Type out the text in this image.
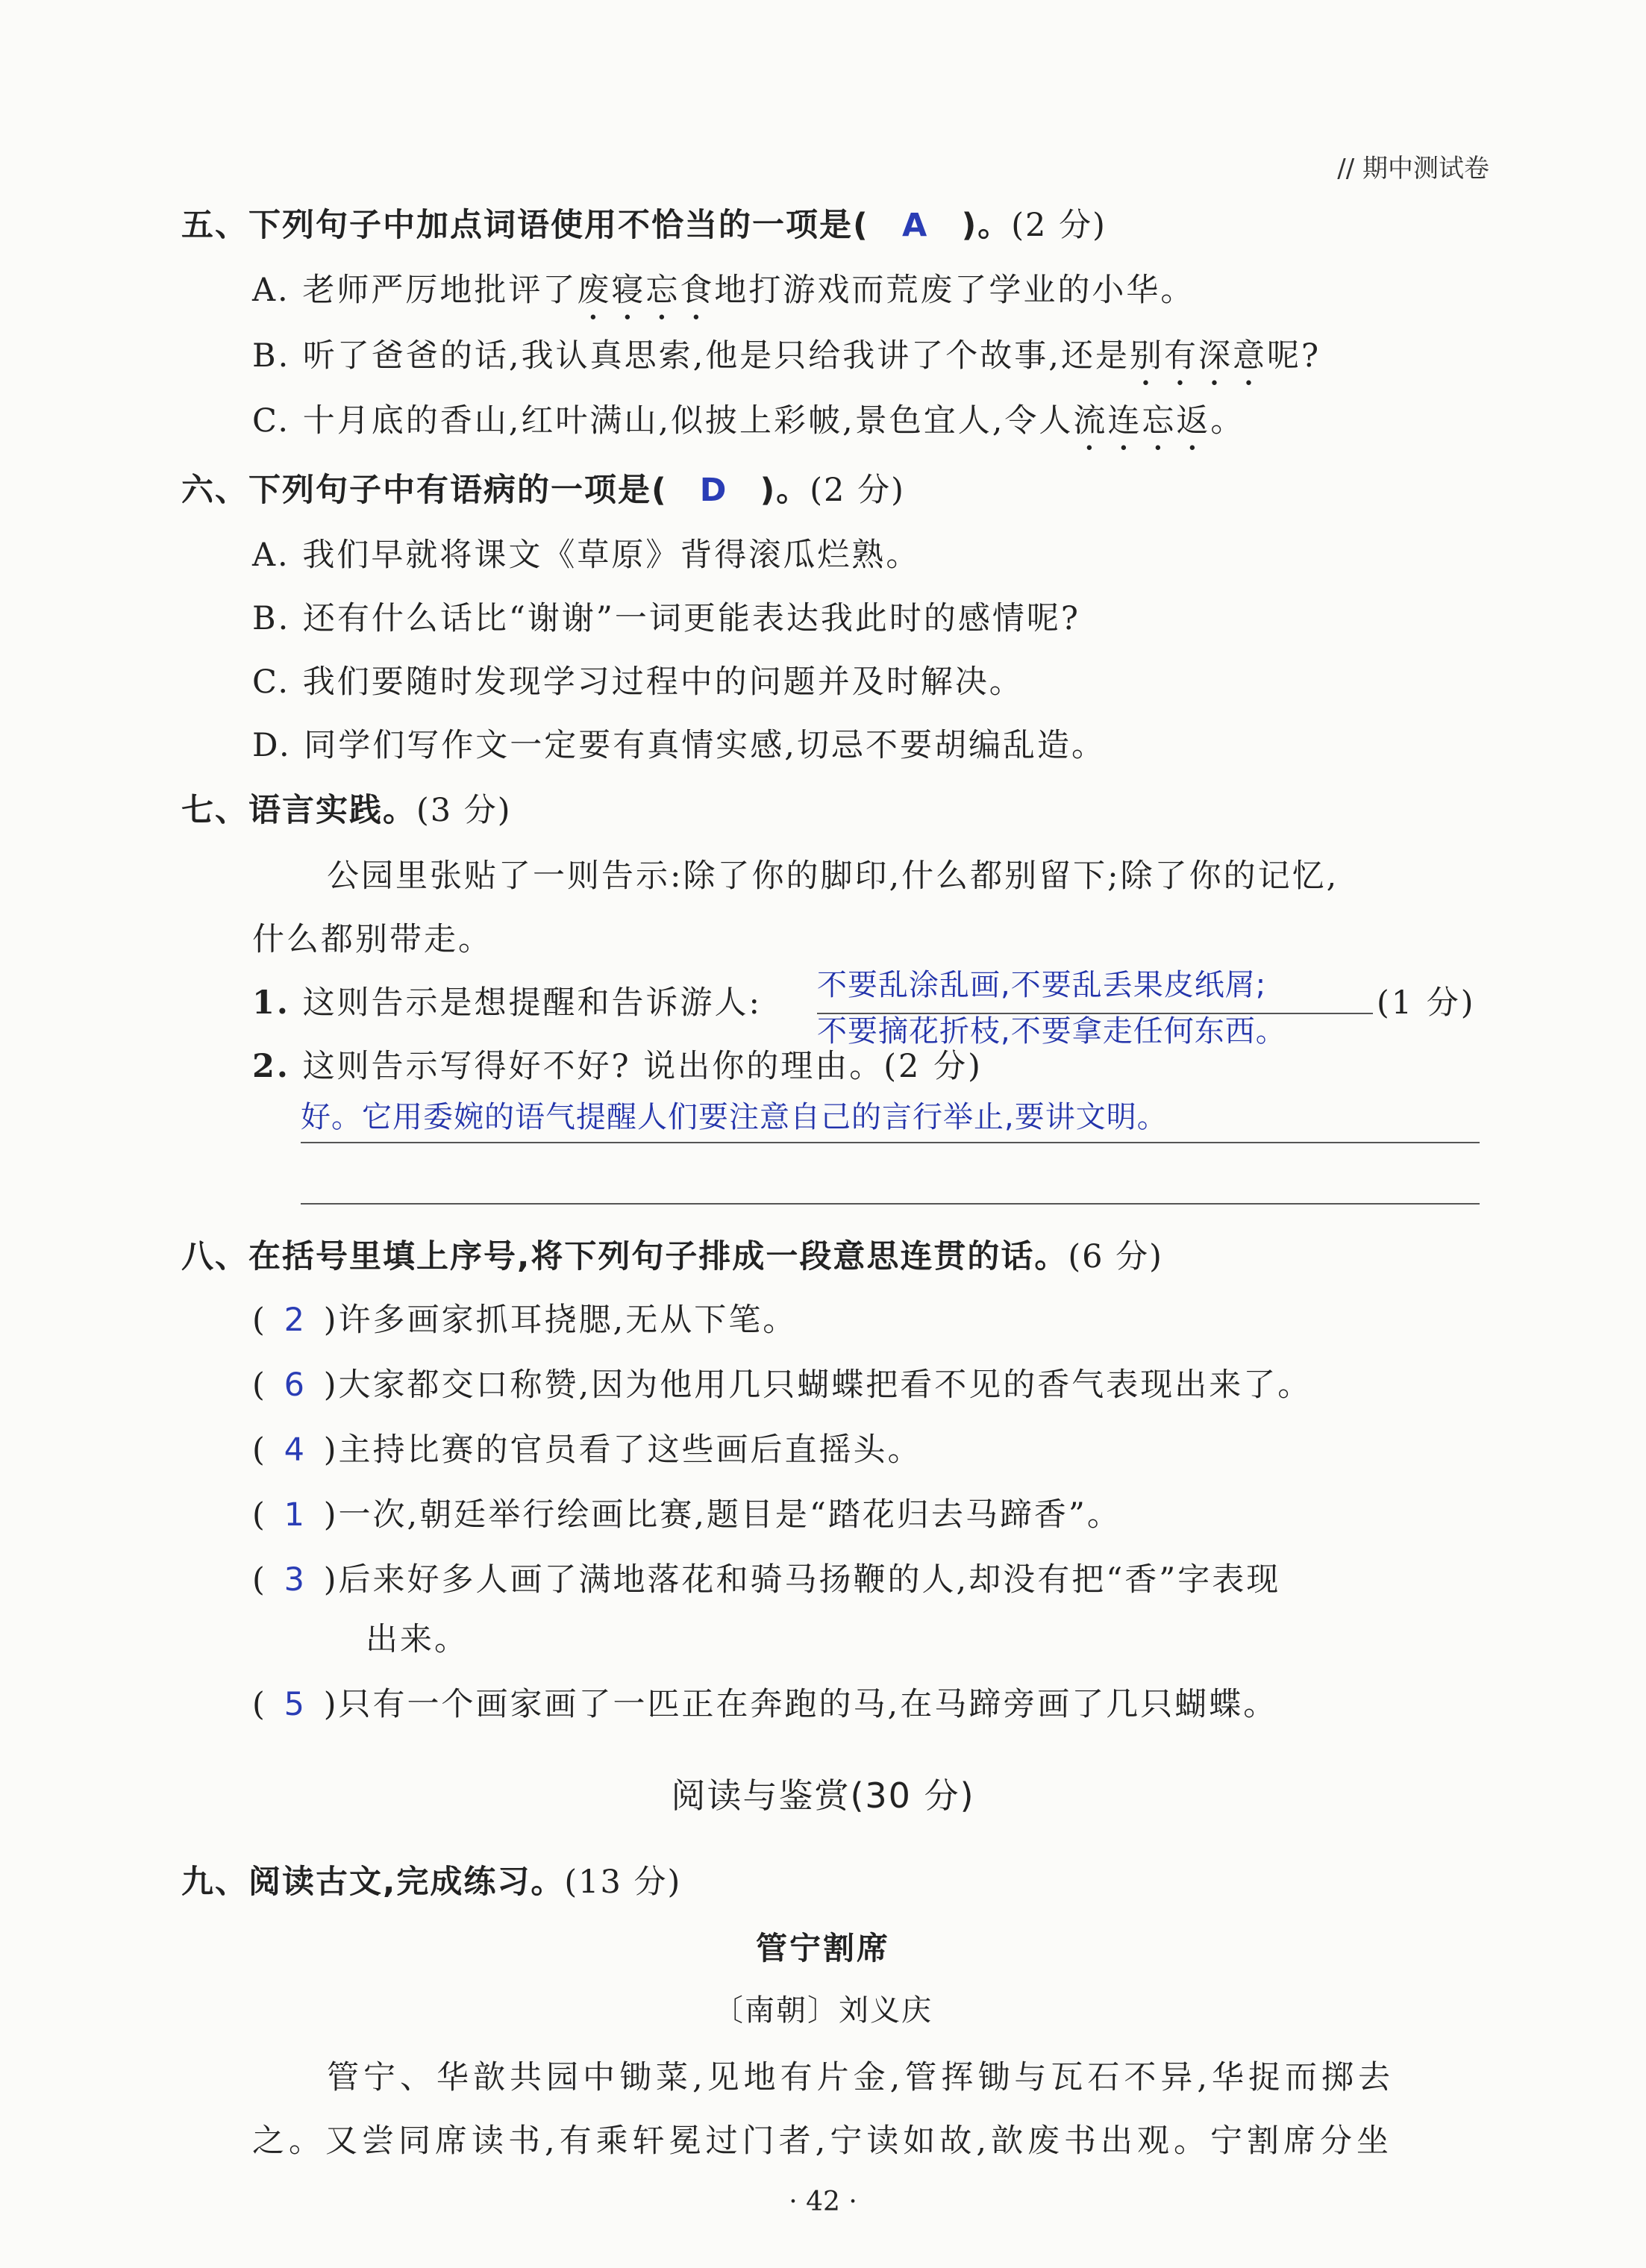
// 期中测试卷
五、下列句子中加点词语使用不恰当的一项是( A )。(2 分)
A. 老师严厉地批评了废寝忘食地打游戏而荒废了学业的小华。
B. 听了爸爸的话,我认真思索,他是只给我讲了个故事,还是别有深意呢?
C. 十月底的香山,红叶满山,似披上彩帔,景色宜人,令人流连忘返。
六、下列句子中有语病的一项是( D )。(2 分)
A. 我们早就将课文《草原》背得滚瓜烂熟。
B. 还有什么话比“谢谢”一词更能表达我此时的感情呢?
C. 我们要随时发现学习过程中的问题并及时解决。
D. 同学们写作文一定要有真情实感,切忌不要胡编乱造。
七、语言实践。(3 分)
公园里张贴了一则告示:除了你的脚印,什么都别留下;除了你的记忆,
什么都别带走。
1. 这则告示是想提醒和告诉游人: 不要乱涂乱画,不要乱丢果皮纸屑;
不要摘花折枝,不要拿走任何东西。
(1 分)
2. 这则告示写得好不好? 说出你的理由。(2 分)
好。它用委婉的语气提醒人们要注意自己的言行举止,要讲文明。
八、在括号里填上序号,将下列句子排成一段意思连贯的话。(6 分)
( 2 )许多画家抓耳挠腮,无从下笔。
( 6 )大家都交口称赞,因为他用几只蝴蝶把看不见的香气表现出来了。
( 4 )主持比赛的官员看了这些画后直摇头。
( 1 )一次,朝廷举行绘画比赛,题目是“踏花归去马蹄香”。
( 3 )后来好多人画了满地落花和骑马扬鞭的人,却没有把“香”字表现
出来。
( 5 )只有一个画家画了一匹正在奔跑的马,在马蹄旁画了几只蝴蝶。
阅读与鉴赏(30 分)
九、阅读古文,完成练习。(13 分)
管宁割席
〔南朝〕刘义庆
管宁、华歆共园中锄菜,见地有片金,管挥锄与瓦石不异,华捉而掷去
之。又尝同席读书,有乘轩冕过门者,宁读如故,歆废书出观。宁割席分坐
· 42 ·
